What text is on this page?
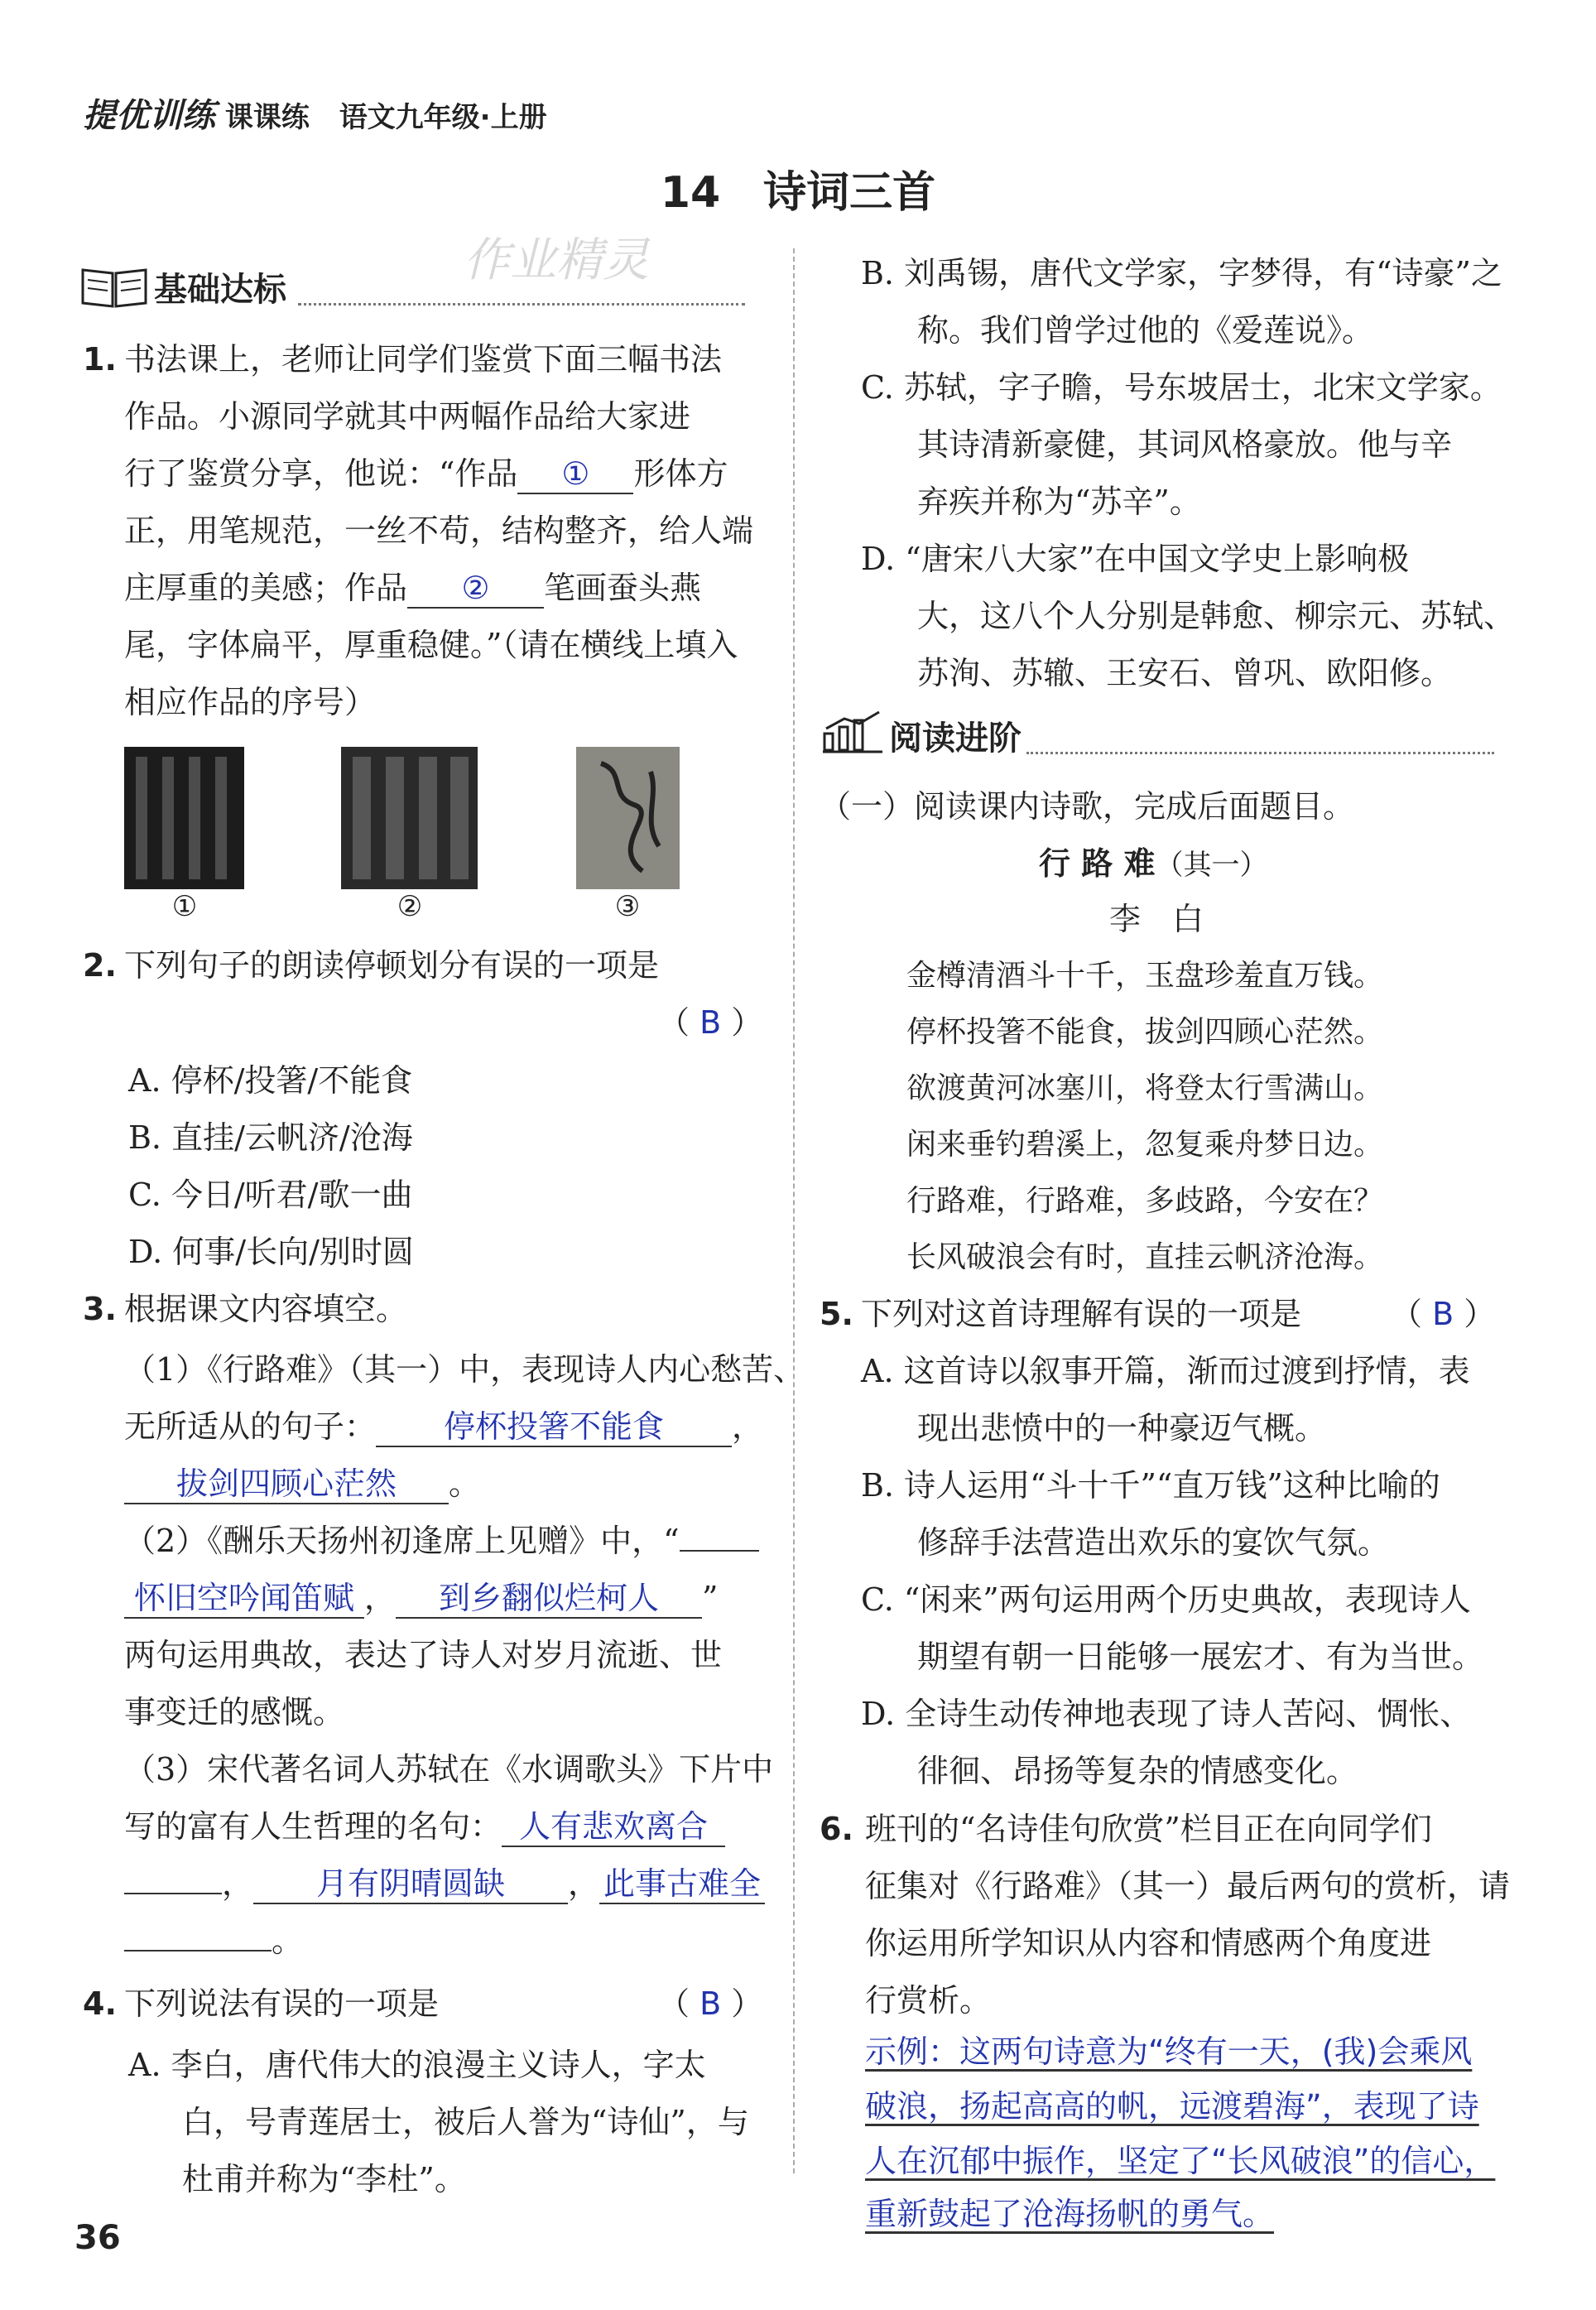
提优训练 课课练 语文九年级·上册
14　诗词三首
作业精灵
基础达标
1. 书法课上，老师让同学们鉴赏下面三幅书法
作品。小源同学就其中两幅作品给大家进
行了鉴赏分享，他说：“作品 ① 形体方
正，用笔规范，一丝不苟，结构整齐，给人端
庄厚重的美感；作品 ② 笔画蚕头燕
尾，字体扁平，厚重稳健。”（请在横线上填入
相应作品的序号）
①	②	③
2. 下列句子的朗读停顿划分有误的一项是
（ B ）
A. 停杯/投箸/不能食
B. 直挂/云帆济/沧海
C. 今日/听君/歌一曲
D. 何事/长向/别时圆
3. 根据课文内容填空。
（1）《行路难》（其一）中，表现诗人内心愁苦、
无所适从的句子： 停杯投箸不能食 ，
拔剑四顾心茫然 。
（2）《酬乐天扬州初逢席上见赠》中，“
怀旧空吟闻笛赋 ， 到乡翻似烂柯人 ”
两句运用典故，表达了诗人对岁月流逝、世
事变迁的感慨。
（3）宋代著名词人苏轼在《水调歌头》下片中
写的富有人生哲理的名句： 人有悲欢离合
， 月有阴晴圆缺 ， 此事古难全
。
4. 下列说法有误的一项是	（ B ）
A. 李白，唐代伟大的浪漫主义诗人，字太
白，号青莲居士，被后人誉为“诗仙”，与
杜甫并称为“李杜”。
B. 刘禹锡，唐代文学家，字梦得，有“诗豪”之
称。我们曾学过他的《爱莲说》。
C. 苏轼，字子瞻，号东坡居士，北宋文学家。
其诗清新豪健，其词风格豪放。他与辛
弃疾并称为“苏辛”。
D. “唐宋八大家”在中国文学史上影响极
大，这八个人分别是韩愈、柳宗元、苏轼、
苏洵、苏辙、王安石、曾巩、欧阳修。
阅读进阶
（一）阅读课内诗歌，完成后面题目。
行 路 难（其一）
李　白
金樽清酒斗十千，玉盘珍羞直万钱。
停杯投箸不能食，拔剑四顾心茫然。
欲渡黄河冰塞川，将登太行雪满山。
闲来垂钓碧溪上，忽复乘舟梦日边。
行路难，行路难，多歧路，今安在？
长风破浪会有时，直挂云帆济沧海。
5. 下列对这首诗理解有误的一项是	（ B ）
A. 这首诗以叙事开篇，渐而过渡到抒情，表
现出悲愤中的一种豪迈气概。
B. 诗人运用“斗十千”“直万钱”这种比喻的
修辞手法营造出欢乐的宴饮气氛。
C. “闲来”两句运用两个历史典故，表现诗人
期望有朝一日能够一展宏才、有为当世。
D. 全诗生动传神地表现了诗人苦闷、惆怅、
徘徊、昂扬等复杂的情感变化。
6. 班刊的“名诗佳句欣赏”栏目正在向同学们
征集对《行路难》（其一）最后两句的赏析，请
你运用所学知识从内容和情感两个角度进
行赏析。
示例：这两句诗意为“终有一天，(我)会乘风
破浪，扬起高高的帆，远渡碧海”，表现了诗
人在沉郁中振作，坚定了“长风破浪”的信心，
重新鼓起了沧海扬帆的勇气。
36
